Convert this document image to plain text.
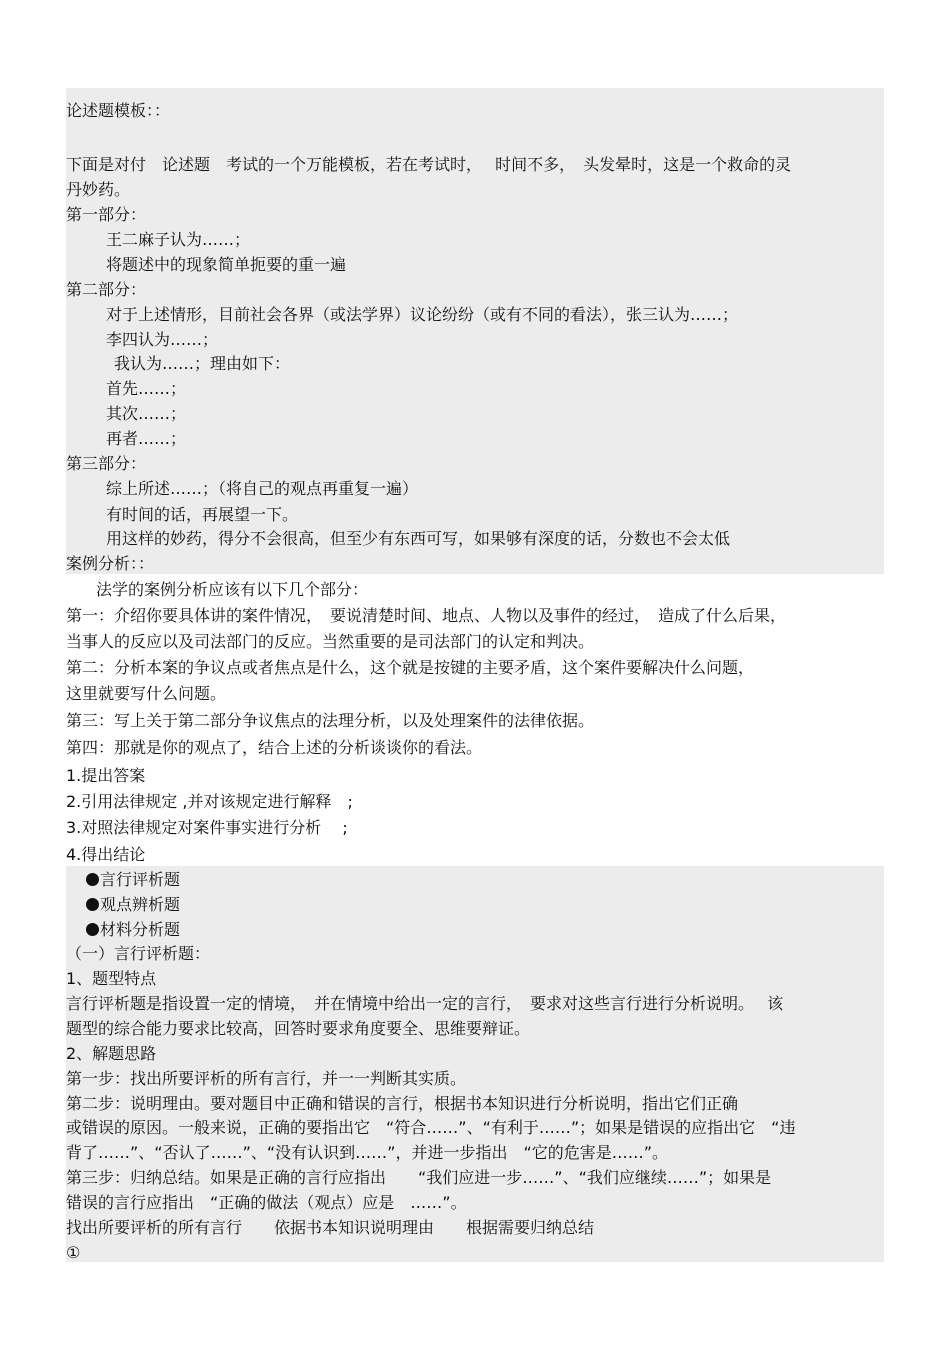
论述题模板：：
下面是对付　论述题　考试的一个万能模板，若在考试时，　 时间不多，　头发晕时，这是一个救命的灵
丹妙药。
第一部分：
王二麻子认为……；
将题述中的现象简单扼要的重一遍
第二部分：
对于上述情形，目前社会各界（或法学界）议论纷纷（或有不同的看法），张三认为……；
李四认为……；
我认为……；理由如下：
首先……；
其次……；
再者……；
第三部分：
综上所述……；（将自己的观点再重复一遍）
有时间的话，再展望一下。
用这样的妙药，得分不会很高，但至少有东西可写，如果够有深度的话，分数也不会太低
案例分析：：
法学的案例分析应该有以下几个部分：
第一：介绍你要具体讲的案件情况，　要说清楚时间、地点、人物以及事件的经过，　造成了什么后果，
当事人的反应以及司法部门的反应。当然重要的是司法部门的认定和判决。
第二：分析本案的争议点或者焦点是什么，这个就是按键的主要矛盾，这个案件要解决什么问题，
这里就要写什么问题。
第三：写上关于第二部分争议焦点的法理分析，以及处理案件的法律依据。
第四：那就是你的观点了，结合上述的分析谈谈你的看法。
1.提出答案
2.引用法律规定 ,并对该规定进行解释　;
3.对照法律规定对案件事实进行分析　 ;
4.得出结论
言行评析题
观点辨析题
材料分析题
（一）言行评析题：
1、题型特点
言行评析题是指设置一定的情境，　并在情境中给出一定的言行，　要求对这些言行进行分析说明。　 该
题型的综合能力要求比较高，回答时要求角度要全、思维要辩证。
2、解题思路
第一步：找出所要评析的所有言行，并一一判断其实质。
第二步：说明理由。要对题目中正确和错误的言行，根据书本知识进行分析说明，指出它们正确
或错误的原因。一般来说，正确的要指出它　“符合……”、“有利于……”；如果是错误的应指出它　“违
背了……”、“否认了……”、“没有认识到……”，并进一步指出　“它的危害是……”。
第三步：归纳总结。如果是正确的言行应指出　　“我们应进一步……”、“我们应继续……”；如果是
错误的言行应指出　“正确的做法（观点）应是　……”。
找出所要评析的所有言行　　依据书本知识说明理由　　根据需要归纳总结
①
